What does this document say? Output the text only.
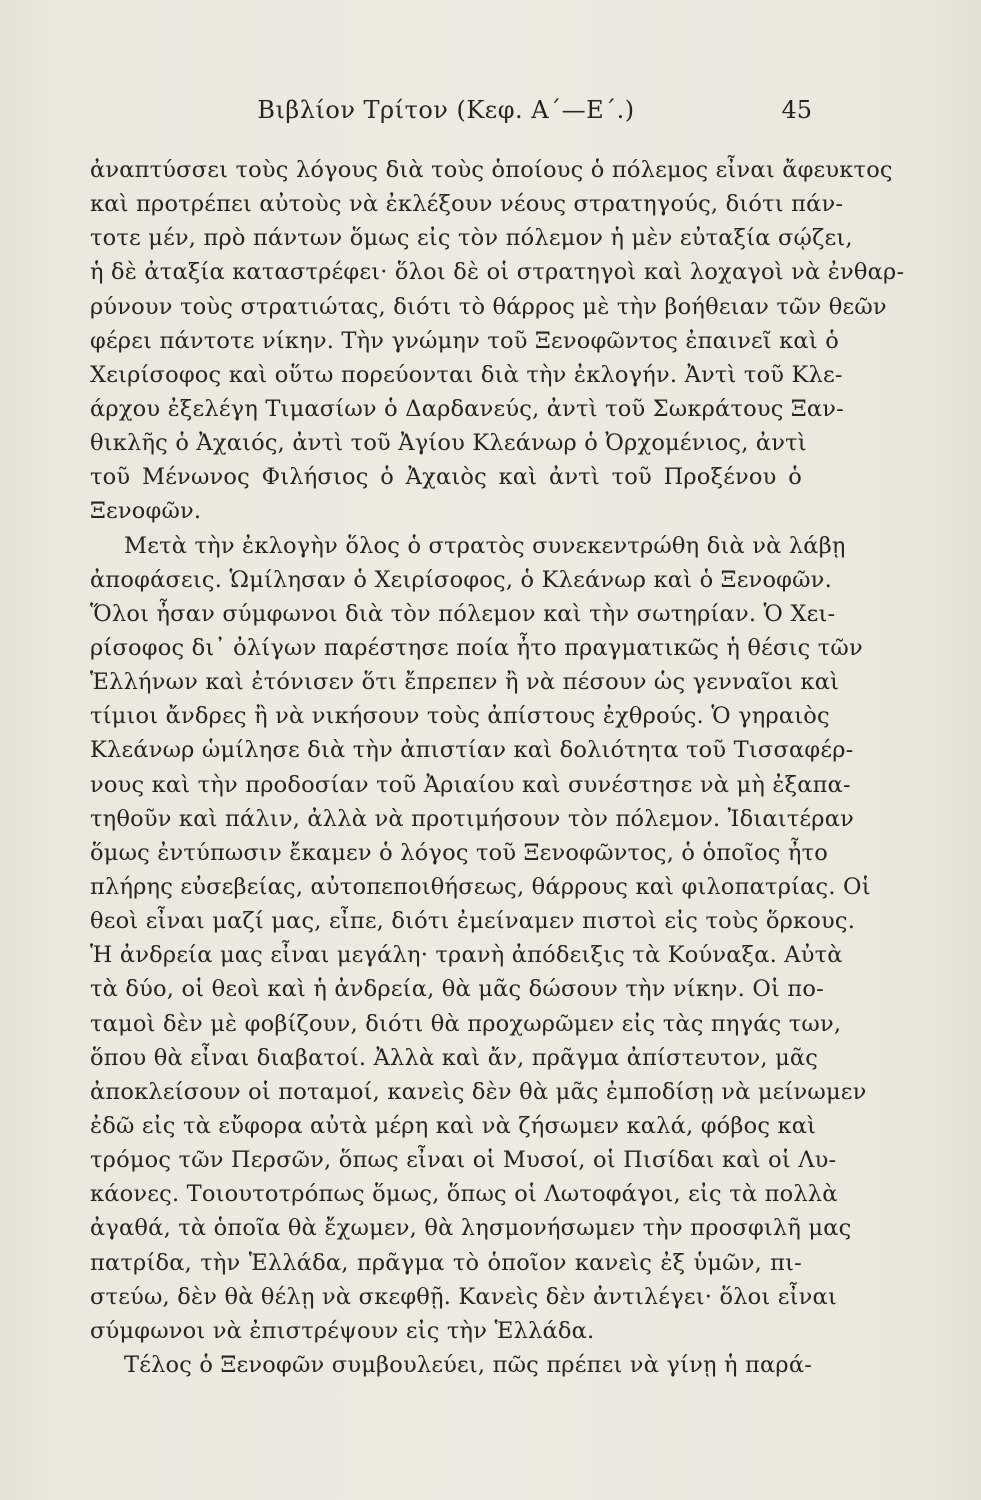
Βιβλίον Τρίτον (Κεφ. Α΄—Ε΄.)	45
ἀναπτύσσει τοὺς λόγους διὰ τοὺς ὁποίους ὁ πόλεμος εἶναι ἄφευκτος
καὶ προτρέπει αὐτοὺς νὰ ἐκλέξουν νέους στρατηγούς, διότι πάν-
τοτε μέν, πρὸ πάντων ὅμως εἰς τὸν πόλεμον ἡ μὲν εὐταξία σῴζει,
ἡ δὲ ἀταξία καταστρέφει· ὅλοι δὲ οἱ στρατηγοὶ καὶ λοχαγοὶ νὰ ἐνθαρ-
ρύνουν τοὺς στρατιώτας, διότι τὸ θάρρος μὲ τὴν βοήθειαν τῶν θεῶν
φέρει πάντοτε νίκην. Τὴν γνώμην τοῦ Ξενοφῶντος ἐπαινεῖ καὶ ὁ
Χειρίσοφος καὶ οὕτω πορεύονται διὰ τὴν ἐκλογήν. Ἀντὶ τοῦ Κλε-
άρχου ἐξελέγη Τιμασίων ὁ Δαρδανεύς, ἀντὶ τοῦ Σωκράτους Ξαν-
θικλῆς ὁ Ἀχαιός, ἀντὶ τοῦ Ἀγίου Κλεάνωρ ὁ Ὀρχομένιος, ἀντὶ
τοῦ Μένωνος Φιλήσιος ὁ Ἀχαιὸς καὶ ἀντὶ τοῦ Προξένου ὁ
Ξενοφῶν.
Μετὰ τὴν ἐκλογὴν ὅλος ὁ στρατὸς συνεκεντρώθη διὰ νὰ λάβῃ
ἀποφάσεις. Ὡμίλησαν ὁ Χειρίσοφος, ὁ Κλεάνωρ καὶ ὁ Ξενοφῶν.
Ὅλοι ἦσαν σύμφωνοι διὰ τὸν πόλεμον καὶ τὴν σωτηρίαν. Ὁ Χει-
ρίσοφος δι᾽ ὀλίγων παρέστησε ποία ἦτο πραγματικῶς ἡ θέσις τῶν
Ἑλλήνων καὶ ἐτόνισεν ὅτι ἔπρεπεν ἢ νὰ πέσουν ὡς γενναῖοι καὶ
τίμιοι ἄνδρες ἢ νὰ νικήσουν τοὺς ἀπίστους ἐχθρούς. Ὁ γηραιὸς
Κλεάνωρ ὡμίλησε διὰ τὴν ἀπιστίαν καὶ δολιότητα τοῦ Τισσαφέρ-
νους καὶ τὴν προδοσίαν τοῦ Ἀριαίου καὶ συνέστησε νὰ μὴ ἐξαπα-
τηθοῦν καὶ πάλιν, ἀλλὰ νὰ προτιμήσουν τὸν πόλεμον. Ἰδιαιτέραν
ὅμως ἐντύπωσιν ἔκαμεν ὁ λόγος τοῦ Ξενοφῶντος, ὁ ὁποῖος ἦτο
πλήρης εὐσεβείας, αὐτοπεποιθήσεως, θάρρους καὶ φιλοπατρίας. Οἱ
θεοὶ εἶναι μαζί μας, εἶπε, διότι ἐμείναμεν πιστοὶ εἰς τοὺς ὅρκους.
Ἡ ἀνδρεία μας εἶναι μεγάλη· τρανὴ ἀπόδειξις τὰ Κούναξα. Αὐτὰ
τὰ δύο, οἱ θεοὶ καὶ ἡ ἀνδρεία, θὰ μᾶς δώσουν τὴν νίκην. Οἱ πο-
ταμοὶ δὲν μὲ φοβίζουν, διότι θὰ προχωρῶμεν εἰς τὰς πηγάς των,
ὅπου θὰ εἶναι διαβατοί. Ἀλλὰ καὶ ἄν, πρᾶγμα ἀπίστευτον, μᾶς
ἀποκλείσουν οἱ ποταμοί, κανεὶς δὲν θὰ μᾶς ἐμποδίσῃ νὰ μείνωμεν
ἐδῶ εἰς τὰ εὔφορα αὐτὰ μέρη καὶ νὰ ζήσωμεν καλά, φόβος καὶ
τρόμος τῶν Περσῶν, ὅπως εἶναι οἱ Μυσοί, οἱ Πισίδαι καὶ οἱ Λυ-
κάονες. Τοιουτοτρόπως ὅμως, ὅπως οἱ Λωτοφάγοι, εἰς τὰ πολλὰ
ἀγαθά, τὰ ὁποῖα θὰ ἔχωμεν, θὰ λησμονήσωμεν τὴν προσφιλῆ μας
πατρίδα, τὴν Ἑλλάδα, πρᾶγμα τὸ ὁποῖον κανεὶς ἐξ ὑμῶν, πι-
στεύω, δὲν θὰ θέλῃ νὰ σκεφθῇ. Κανεὶς δὲν ἀντιλέγει· ὅλοι εἶναι
σύμφωνοι νὰ ἐπιστρέψουν εἰς τὴν Ἑλλάδα.
Τέλος ὁ Ξενοφῶν συμβουλεύει, πῶς πρέπει νὰ γίνῃ ἡ παρά-
